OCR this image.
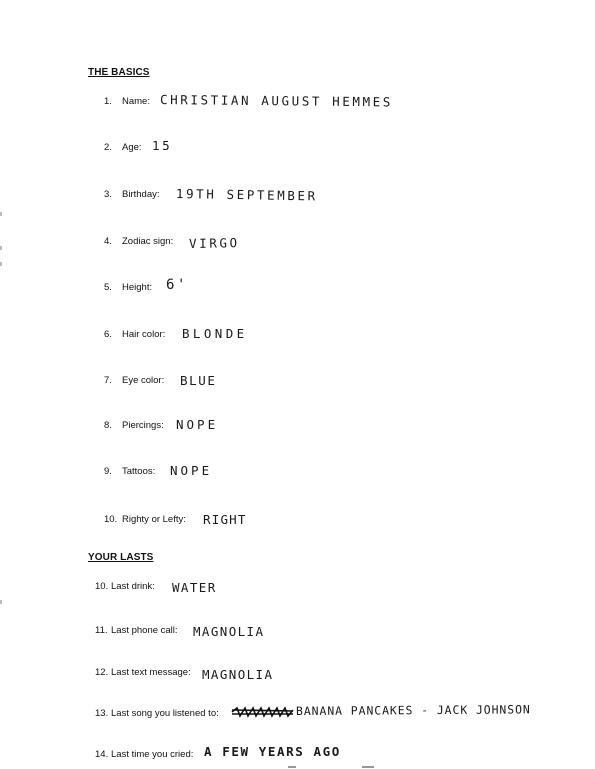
THE BASICS
1. Name: CHRISTIAN AUGUST HEMMES
2. Age: 15
3. Birthday: 19TH SEPTEMBER
4. Zodiac sign: VIRGO
5. Height: 6'
6. Hair color: BLONDE
7. Eye color: BLUE
8. Piercings: NOPE
9. Tattoos: NOPE
10. Righty or Lefty: RIGHT
YOUR LASTS
10. Last drink: WATER
11. Last phone call: MAGNOLIA
12. Last text message: MAGNOLIA
13. Last song you listened to:	BANANA PANCAKES - JACK JOHNSON
14. Last time you cried: A FEW YEARS AGO
